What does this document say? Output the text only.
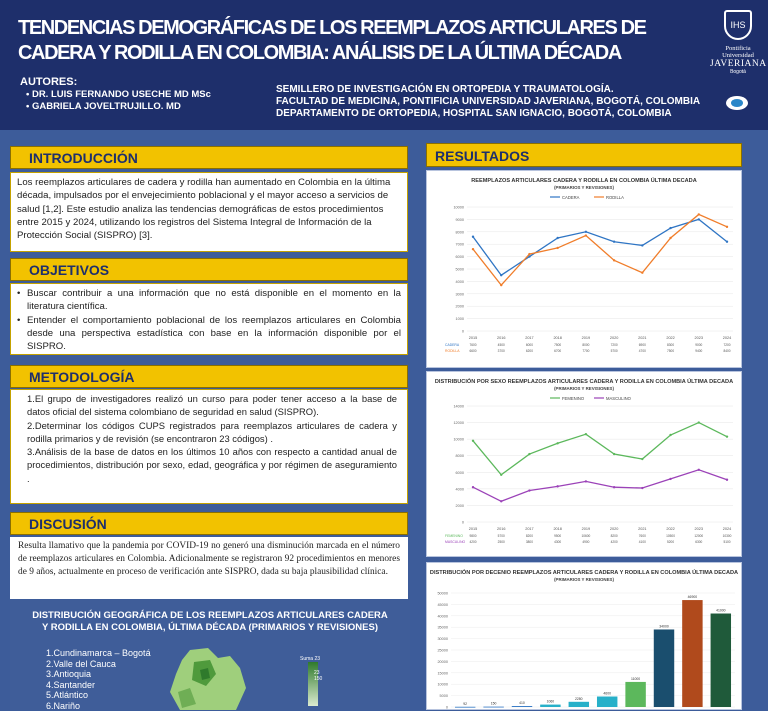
TENDENCIAS DEMOGRÁFICAS DE LOS REEMPLAZOS ARTICULARES DE CADERA Y RODILLA EN COLOMBIA: ANÁLISIS DE LA ÚLTIMA DÉCADA
AUTORES:
• DR. LUIS FERNANDO USECHE MD MSc
• GABRIELA JOVELTRUJILLO. MD
SEMILLERO DE INVESTIGACIÓN EN ORTOPEDIA Y TRAUMATOLOGÍA.
FACULTAD DE MEDICINA, PONTIFICIA UNIVERSIDAD JAVERIANA, BOGOTÁ, COLOMBIA
DEPARTAMENTO DE ORTOPEDIA, HOSPITAL SAN IGNACIO, BOGOTÁ, COLOMBIA
IHS
Pontificia Universidad
JAVERIANA
Bogotá
INTRODUCCIÓN

Los reemplazos articulares de cadera y rodilla han aumentado en Colombia en la última década, impulsados por el envejecimiento poblacional y el mayor acceso a servicios de salud [1,2]. Este estudio analiza las tendencias demográficas de estos procedimientos entre 2015 y 2024, utilizando los registros del Sistema Integral de Información de la Protección Social (SISPRO) [3].

OBJETIVOS
• Buscar contribuir a una información que no está disponible en el momento en la literatura científica.
• Entender el comportamiento poblacional de los reemplazos articulares en Colombia desde una perspectiva estadística con base en la información disponible por el SISPRO.
METODOLOGÍA

1.El grupo de investigadores realizó un curso para poder tener acceso a la base de datos oficial del sistema colombiano de seguridad en salud (SISPRO).

2.Determinar los códigos CUPS registrados para reemplazos articulares de cadera y rodilla primarios y de revisión (se encontraron 23 códigos) .

3.Análisis de la base de datos en los últimos 10 años con respecto a cantidad anual de procedimientos, distribución por sexo, edad, geográfica y por régimen de aseguramiento .

DISCUSIÓN

Resulta llamativo que la pandemia por COVID-19 no generó una disminución marcada en el número de reemplazos articulares en Colombia. Adicionalmente se registraron 92 procedimientos en menores de 9 años, actualmente en proceso de verificación ante SISPRO, dada su baja plausibilidad clínica.

DISTRIBUCIÓN GEOGRÁFICA DE LOS REEMPLAZOS ARTICULARES CADERA Y RODILLA EN COLOMBIA, ÚLTIMA DÉCADA (PRIMARIOS Y REVISIONES)
1.Cundinamarca – Bogotá
2.Valle del Cauca
3.Antioquia
4.Santander
5.Atlántico
6.Nariño
Suma 23
23 150
RESULTADOS
REEMPLAZOS ARTICULARES CADERA Y RODILLA EN COLOMBIA ÚLTIMA DECADA
(PRIMARIOS Y REVISIONES)
CADERA	RODILLA
0
1000
2000
3000
4000
5000
6000
7000
8000
9000
10000
2015	2016	2017	2018	2019	2020	2021	2022	2023	2024
CADERA	7600	4500	6000	7500	8000	7200	6900	8300	9000	7200
RODILLA	6600	3700	6200	6700	7700	5700	4700	7500	9400	8400
DISTRIBUCIÓN POR SEXO REEMPLAZOS ARTICULARES CADERA Y RODILLA EN COLOMBIA ÚLTIMA DECADA
(PRIMARIOS Y REVISIONES)
FEMENINO	MASCULINO
0
2000
4000
6000
8000
10000
12000
14000
2015	2016	2017	2018	2019	2020	2021	2022	2023	2024
FEMENINO 9800	5700	8200	9500	10600	8200	7600	10500	12000	10300
MASCULINO 4200	2500	3800	4300	4900	4200	4100	5200	6300	5100
DISTRIBUCIÓN POR DECENIO REEMPLAZOS ARTICULARES CADERA Y RODILLA EN COLOMBIA ÚLTIMA DECADA
(PRIMARIOS Y REVISIONES)
0
5000
10000
15000
20000
25000
30000
35000
40000
45000
50000
92	150	410	1060
2280
4600
11000
34000
46900
41000
